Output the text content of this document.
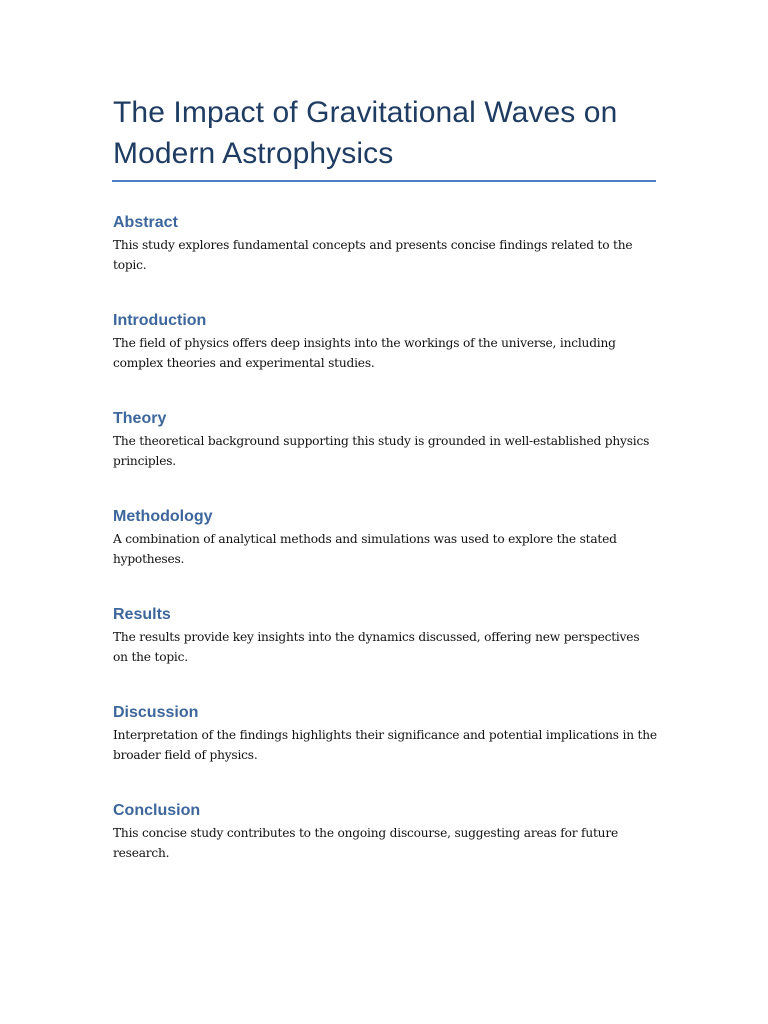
The Impact of Gravitational Waves on Modern Astrophysics
Abstract

This study explores fundamental concepts and presents concise findings related to the topic.

Introduction

The field of physics offers deep insights into the workings of the universe, including complex theories and experimental studies.

Theory

The theoretical background supporting this study is grounded in well-established physics principles.

Methodology

A combination of analytical methods and simulations was used to explore the stated hypotheses.

Results

The results provide key insights into the dynamics discussed, offering new perspectives on the topic.

Discussion

Interpretation of the findings highlights their significance and potential implications in the broader field of physics.

Conclusion

This concise study contributes to the ongoing discourse, suggesting areas for future research.
